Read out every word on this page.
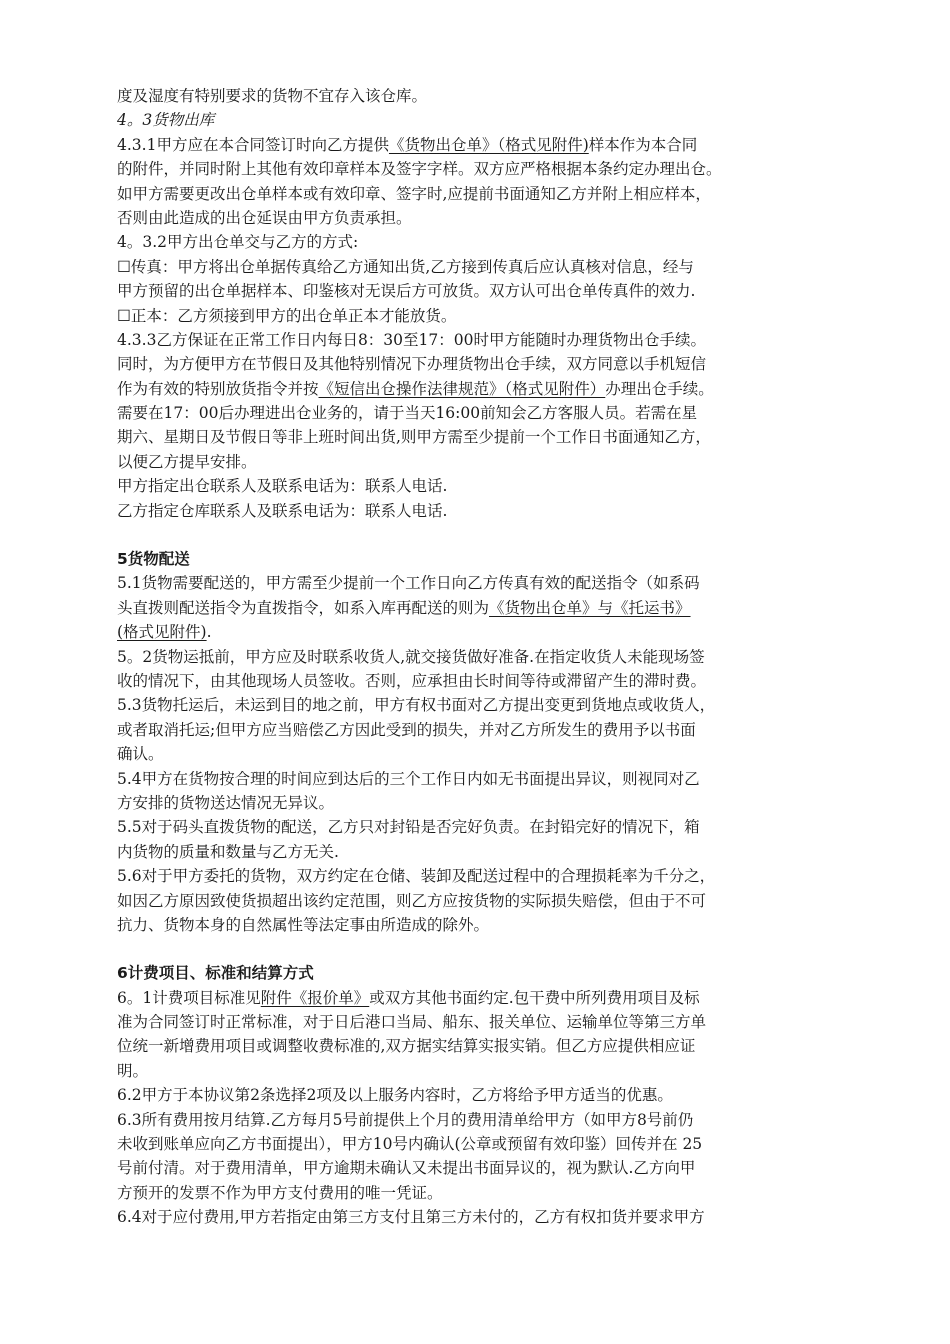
度及湿度有特别要求的货物不宜存入该仓库。
4。3货物出库
4.3.1甲方应在本合同签订时向乙方提供《货物出仓单》（格式见附件)样本作为本合同
的附件，并同时附上其他有效印章样本及签字字样。双方应严格根据本条约定办理出仓。
如甲方需要更改出仓单样本或有效印章、签字时,应提前书面通知乙方并附上相应样本，
否则由此造成的出仓延误由甲方负责承担。
4。3.2甲方出仓单交与乙方的方式:
☐传真：甲方将出仓单据传真给乙方通知出货,乙方接到传真后应认真核对信息，经与
甲方预留的出仓单据样本、印鉴核对无误后方可放货。双方认可出仓单传真件的效力.
☐正本：乙方须接到甲方的出仓单正本才能放货。
4.3.3乙方保证在正常工作日内每日8：30至17：00时甲方能随时办理货物出仓手续。
同时，为方便甲方在节假日及其他特别情况下办理货物出仓手续，双方同意以手机短信
作为有效的特别放货指令并按《短信出仓操作法律规范》（格式见附件）办理出仓手续。
需要在17：00后办理进出仓业务的，请于当天16:00前知会乙方客服人员。若需在星
期六、星期日及节假日等非上班时间出货,则甲方需至少提前一个工作日书面通知乙方，
以便乙方提早安排。
甲方指定出仓联系人及联系电话为：联系人电话.
乙方指定仓库联系人及联系电话为：联系人电话.
5货物配送
5.1货物需要配送的，甲方需至少提前一个工作日向乙方传真有效的配送指令（如系码
头直拨则配送指令为直拨指令，如系入库再配送的则为《货物出仓单》与《托运书》
(格式见附件).
5。2货物运抵前，甲方应及时联系收货人,就交接货做好准备.在指定收货人未能现场签
收的情况下，由其他现场人员签收。否则，应承担由长时间等待或滞留产生的滞时费。
5.3货物托运后，未运到目的地之前，甲方有权书面对乙方提出变更到货地点或收货人，
或者取消托运;但甲方应当赔偿乙方因此受到的损失，并对乙方所发生的费用予以书面
确认。
5.4甲方在货物按合理的时间应到达后的三个工作日内如无书面提出异议，则视同对乙
方安排的货物送达情况无异议。
5.5对于码头直拨货物的配送，乙方只对封铅是否完好负责。在封铅完好的情况下，箱
内货物的质量和数量与乙方无关.
5.6对于甲方委托的货物，双方约定在仓储、装卸及配送过程中的合理损耗率为千分之，
如因乙方原因致使货损超出该约定范围，则乙方应按货物的实际损失赔偿，但由于不可
抗力、货物本身的自然属性等法定事由所造成的除外。
6计费项目、标准和结算方式
6。1计费项目标准见附件《报价单》或双方其他书面约定.包干费中所列费用项目及标
准为合同签订时正常标准，对于日后港口当局、船东、报关单位、运输单位等第三方单
位统一新增费用项目或调整收费标准的,双方据实结算实报实销。但乙方应提供相应证
明。
6.2甲方于本协议第2条选择2项及以上服务内容时，乙方将给予甲方适当的优惠。
6.3所有费用按月结算.乙方每月5号前提供上个月的费用清单给甲方（如甲方8号前仍
未收到账单应向乙方书面提出），甲方10号内确认(公章或预留有效印鉴）回传并在 25
号前付清。对于费用清单，甲方逾期未确认又未提出书面异议的，视为默认.乙方向甲
方预开的发票不作为甲方支付费用的唯一凭证。
6.4对于应付费用,甲方若指定由第三方支付且第三方未付的，乙方有权扣货并要求甲方
